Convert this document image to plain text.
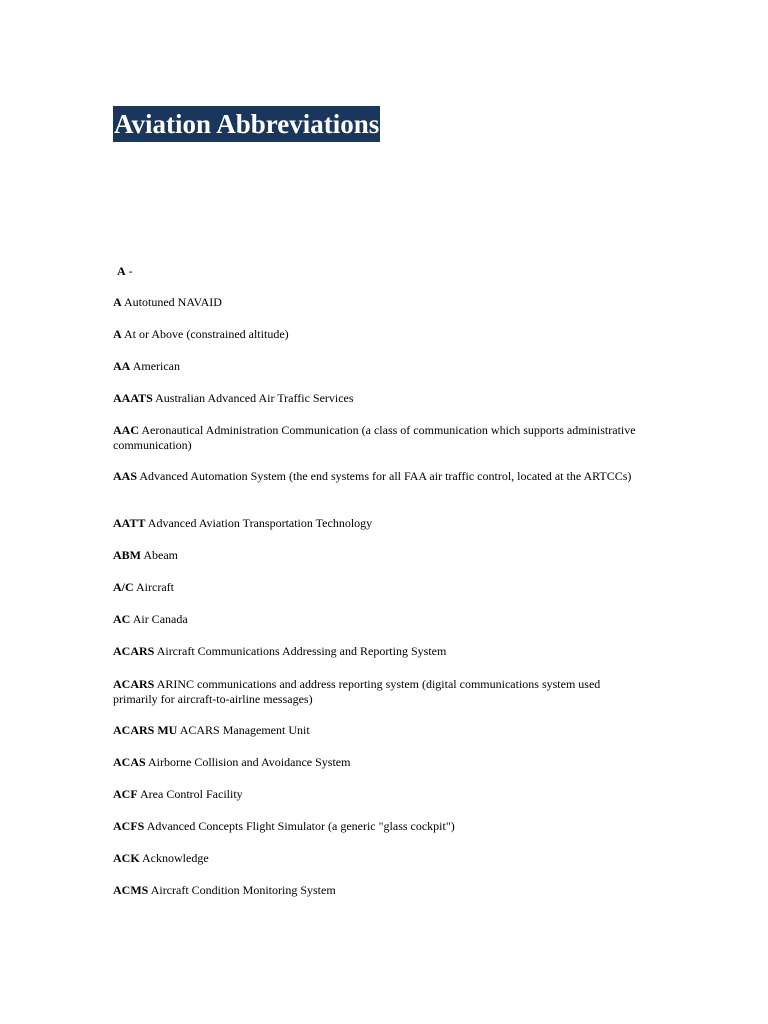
Aviation Abbreviations
A -
A Autotuned NAVAID
A At or Above (constrained altitude)
AA American
AAATS Australian Advanced Air Traffic Services
AAC Aeronautical Administration Communication (a class of communication which supports administrative communication)
AAS Advanced Automation System (the end systems for all FAA air traffic control, located at the ARTCCs)
AATT Advanced Aviation Transportation Technology
ABM Abeam
A/C Aircraft
AC Air Canada
ACARS Aircraft Communications Addressing and Reporting System
ACARS ARINC communications and address reporting system (digital communications system used primarily for aircraft-to-airline messages)
ACARS MU ACARS Management Unit
ACAS Airborne Collision and Avoidance System
ACF Area Control Facility
ACFS Advanced Concepts Flight Simulator (a generic "glass cockpit")
ACK Acknowledge
ACMS Aircraft Condition Monitoring System
